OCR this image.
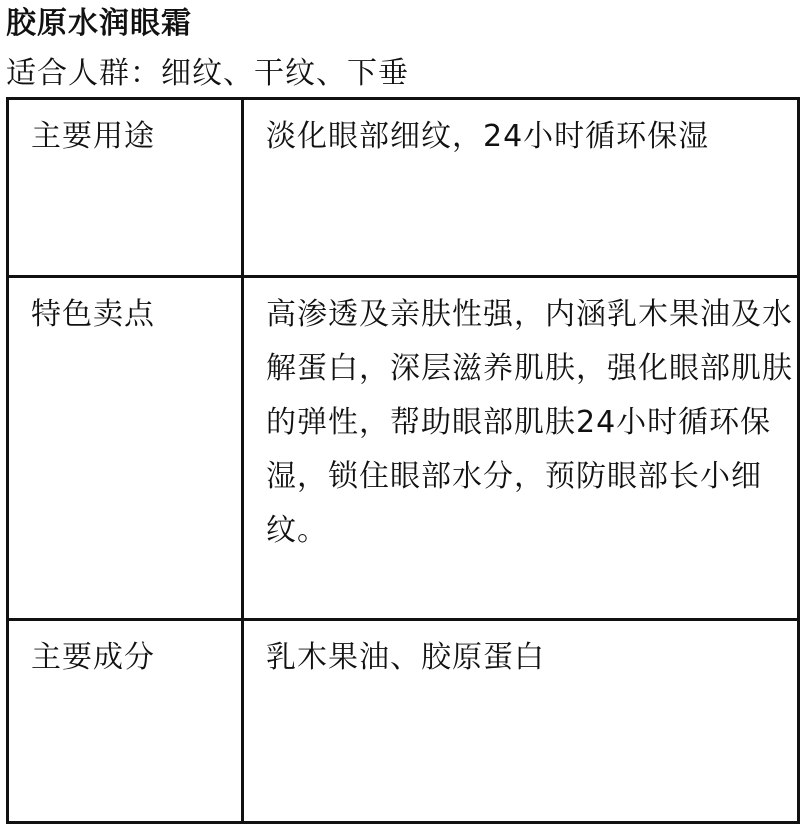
胶原水润眼霜
适合人群：细纹、干纹、下垂
主要用途	淡化眼部细纹，24小时循环保湿
特色卖点	高渗透及亲肤性强，内涵乳木果油及水解蛋白，深层滋养肌肤，强化眼部肌肤的弹性，帮助眼部肌肤24小时循环保湿，锁住眼部水分，预防眼部长小细纹。
主要成分	乳木果油、胶原蛋白
